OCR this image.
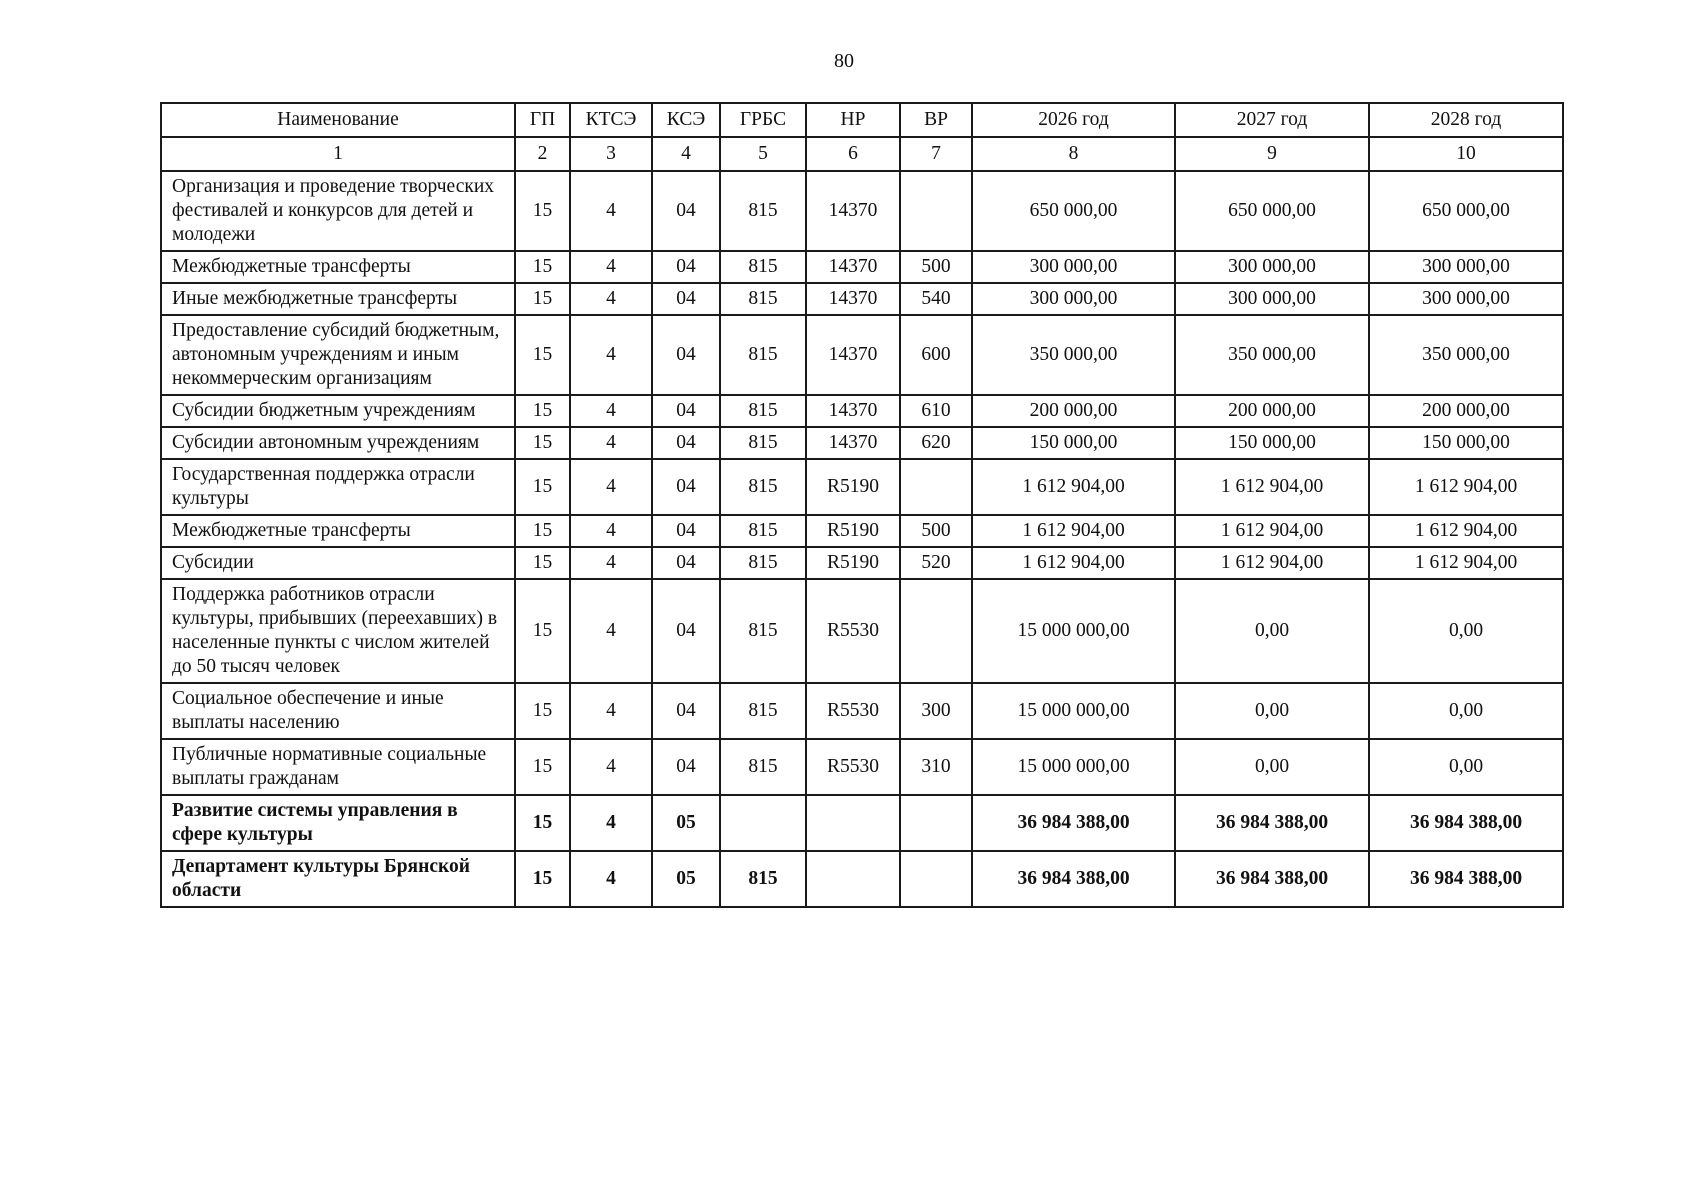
80
Наименование	ГП	КТСЭ	КСЭ	ГРБС	НР	ВР	2026 год	2027 год	2028 год
1	2	3	4	5	6	7	8	9	10
Организация и проведение творческих фестивалей и конкурсов для детей и молодежи	15	4	04	815	14370		650 000,00	650 000,00	650 000,00
Межбюджетные трансферты	15	4	04	815	14370	500	300 000,00	300 000,00	300 000,00
Иные межбюджетные трансферты	15	4	04	815	14370	540	300 000,00	300 000,00	300 000,00
Предоставление субсидий бюджетным, автономным учреждениям и иным некоммерческим организациям	15	4	04	815	14370	600	350 000,00	350 000,00	350 000,00
Субсидии бюджетным учреждениям	15	4	04	815	14370	610	200 000,00	200 000,00	200 000,00
Субсидии автономным учреждениям	15	4	04	815	14370	620	150 000,00	150 000,00	150 000,00
Государственная поддержка отрасли культуры	15	4	04	815	R5190		1 612 904,00	1 612 904,00	1 612 904,00
Межбюджетные трансферты	15	4	04	815	R5190	500	1 612 904,00	1 612 904,00	1 612 904,00
Субсидии	15	4	04	815	R5190	520	1 612 904,00	1 612 904,00	1 612 904,00
Поддержка работников отрасли культуры, прибывших (переехавших) в населенные пункты с числом жителей до 50 тысяч человек	15	4	04	815	R5530		15 000 000,00	0,00	0,00
Социальное обеспечение и иные выплаты населению	15	4	04	815	R5530	300	15 000 000,00	0,00	0,00
Публичные нормативные социальные выплаты гражданам	15	4	04	815	R5530	310	15 000 000,00	0,00	0,00
Развитие системы управления в сфере культуры	15	4	05				36 984 388,00	36 984 388,00	36 984 388,00
Департамент культуры Брянской области	15	4	05	815			36 984 388,00	36 984 388,00	36 984 388,00
